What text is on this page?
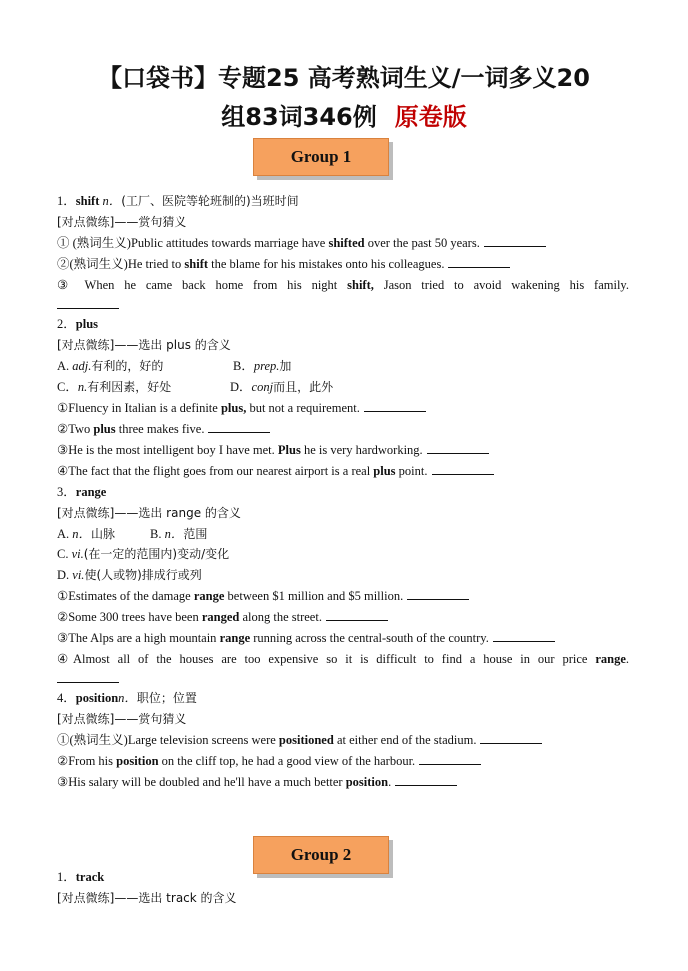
【口袋书】专题25 高考熟词生义/一词多义20
组83词346例 原卷版
Group 1
1．shift n．(工厂、医院等轮班制的)当班时间
[对点微练]——赏句猜义
① (熟词生义)Public attitudes towards marriage have shifted over the past 50 years.
②(熟词生义)He tried to shift the blame for his mistakes onto his colleagues.
③ When he came back home from his night shift, Jason tried to avoid wakening his family.
2．plus
[对点微练]——选出 plus 的含义
A. adj.有利的，好的	B．prep.加
C．n.有利因素，好处	D．conj而且，此外
①Fluency in Italian is a definite plus, but not a requirement.
②Two plus three makes five.
③He is the most intelligent boy I have met. Plus he is very hardworking.
④The fact that the flight goes from our nearest airport is a real plus point.
3．range
[对点微练]——选出 range 的含义
A. n．山脉	B. n．范围
C. vi.(在一定的范围内)变动/变化
D. vi.使(人或物)排成行或列
①Estimates of the damage range between $1 million and $5 million.
②Some 300 trees have been ranged along the street.
③The Alps are a high mountain range running across the central-south of the country.
④Almost all of the houses are too expensive so it is difficult to find a house in our price range.
4．positionn．职位；位置
[对点微练]——赏句猜义
①(熟词生义)Large television screens were positioned at either end of the stadium.
②From his position on the cliff top, he had a good view of the harbour.
③His salary will be doubled and he'll have a much better position.
Group 2
1．track
[对点微练]——选出 track 的含义
